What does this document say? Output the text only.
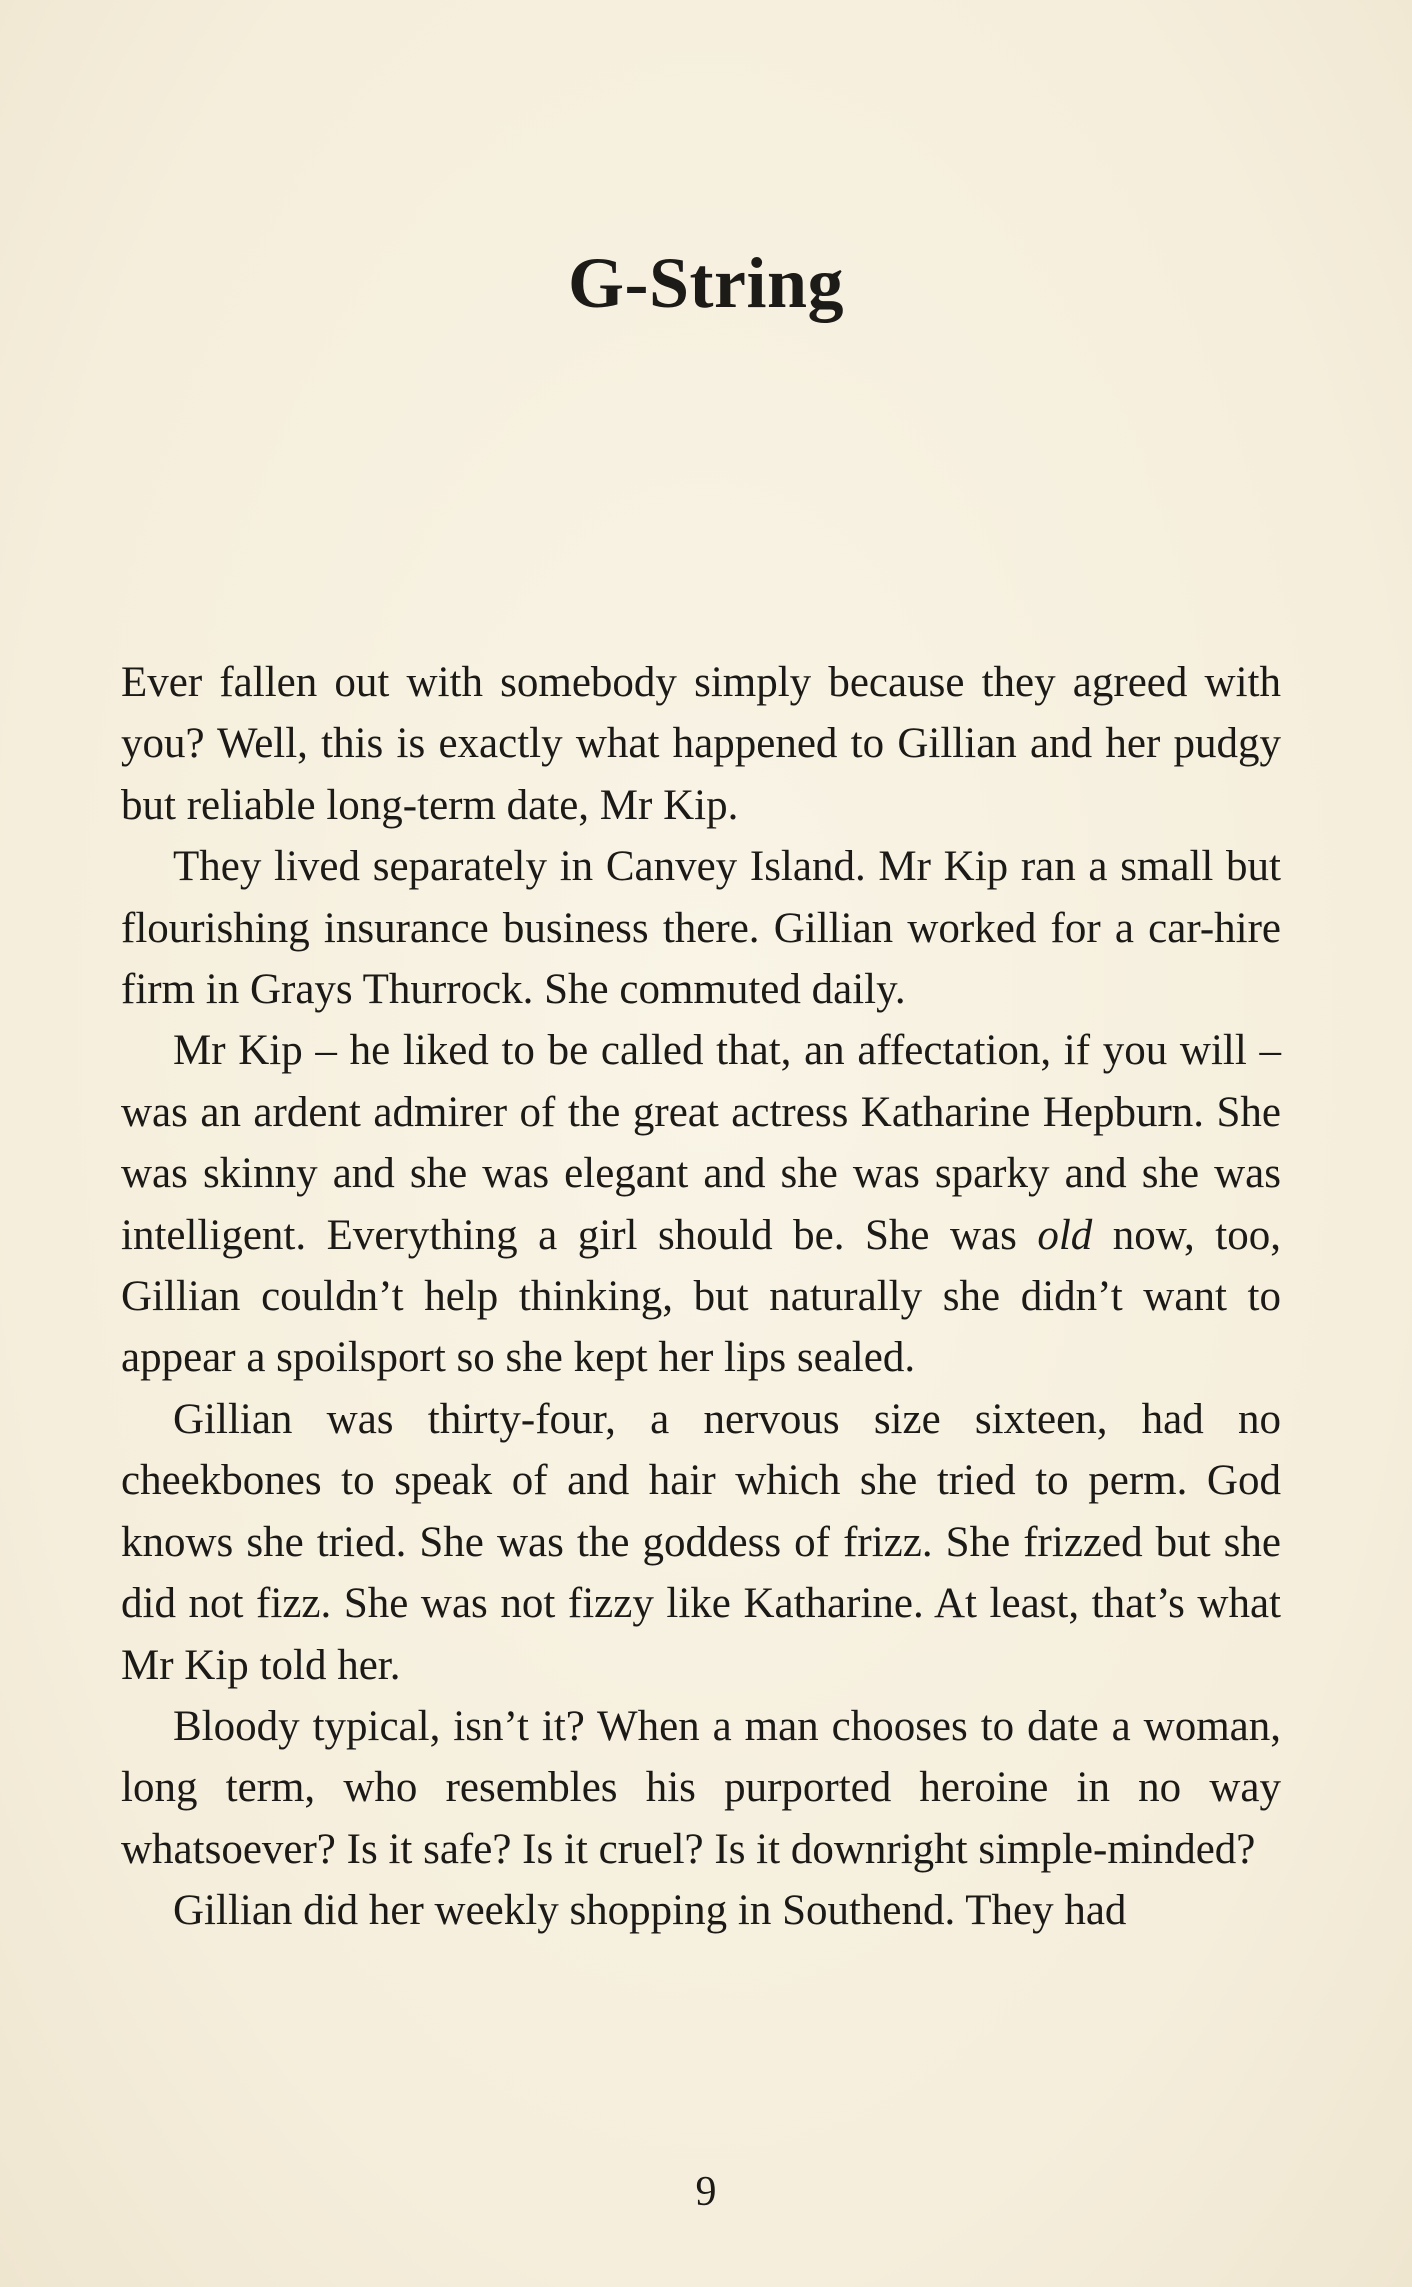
G-String

Ever fallen out with somebody simply because they agreed with you? Well, this is exactly what happened to Gillian and her pudgy but reliable long-term date, Mr Kip.

They lived separately in Canvey Island. Mr Kip ran a small but flourishing insurance business there. Gillian worked for a car-hire firm in Grays Thurrock. She commuted daily.

Mr Kip – he liked to be called that, an affectation, if you will – was an ardent admirer of the great actress Katharine Hepburn. She was skinny and she was elegant and she was sparky and she was intelligent. Everything a girl should be. She was old now, too, Gillian couldn’t help thinking, but naturally she didn’t want to appear a spoilsport so she kept her lips sealed.

Gillian was thirty-four, a nervous size sixteen, had no cheekbones to speak of and hair which she tried to perm. God knows she tried. She was the goddess of frizz. She frizzed but she did not fizz. She was not fizzy like Katharine. At least, that’s what Mr Kip told her.

Bloody typical, isn’t it? When a man chooses to date a woman, long term, who resembles his purported heroine in no way whatsoever? Is it safe? Is it cruel? Is it downright simple-minded?

Gillian did her weekly shopping in Southend. They had

9
